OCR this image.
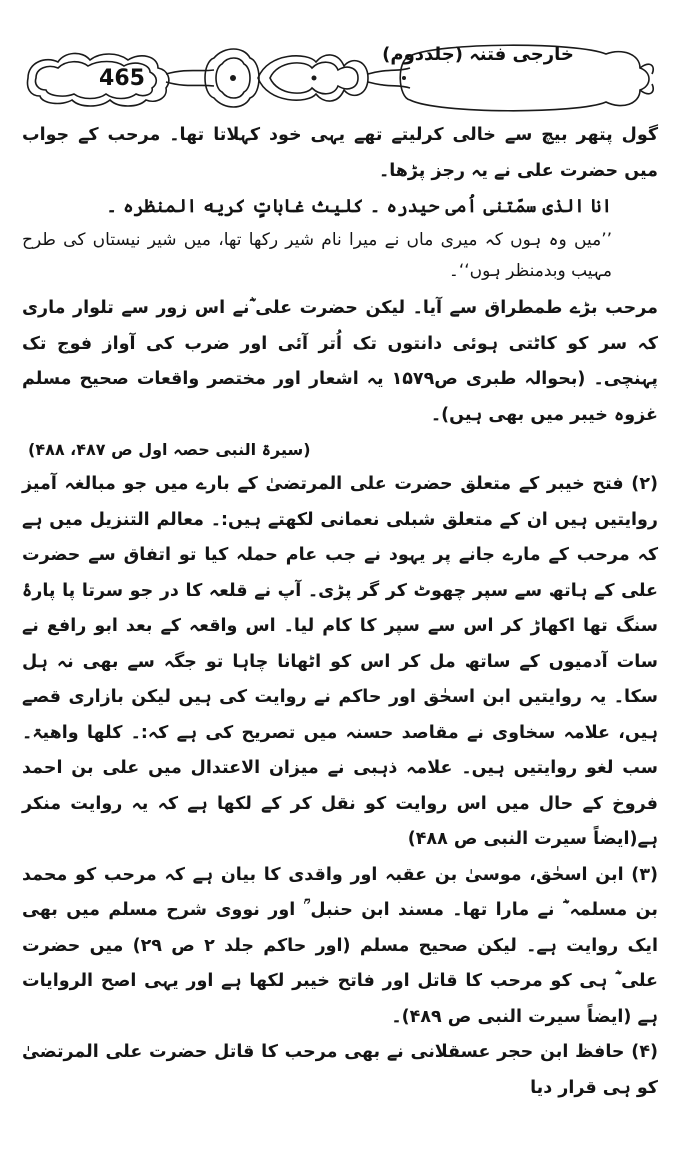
465
خارجی فتنہ (جلددوم)

گول پتھر بیچ سے خالی کرلیتے تھے یہی خود کہلاتا تھا۔ مرحب کے جواب میں حضرت علی نے یہ رجز پڑھا۔

انا الذی سمّتنی اُمی حیدره ۔ کلیث غاباتٍ کریه المنظره ۔

’’میں وہ ہوں کہ میری ماں نے میرا نام شیر رکھا تھا، میں شیر نیستاں کی طرح مہیب وبدمنظر ہوں‘‘۔

مرحب بڑے طمطراق سے آیا۔ لیکن حضرت علی ؓنے اس زور سے تلوار ماری کہ سر کو کاٹتی ہوئی دانتوں تک اُتر آئی اور ضرب کی آواز فوج تک پہنچی۔ (بحوالہ طبری ص۱۵۷۹ یہ اشعار اور مختصر واقعات صحیح مسلم غزوہ خیبر میں بھی ہیں)۔

(سیرۃ النبی حصہ اول ص ۴۸۷، ۴۸۸)

(۲) فتح خیبر کے متعلق حضرت علی المرتضیٰ کے بارے میں جو مبالغہ آمیز روایتیں ہیں ان کے متعلق شبلی نعمانی لکھتے ہیں:۔ معالم التنزیل میں ہے کہ مرحب کے مارے جانے پر یہود نے جب عام حملہ کیا تو اتفاق سے حضرت علی کے ہاتھ سے سپر چھوٹ کر گر پڑی۔ آپ نے قلعہ کا در جو سرتا پا پارۂ سنگ تھا اکھاڑ کر اس سے سپر کا کام لیا۔ اس واقعہ کے بعد ابو رافع نے سات آدمیوں کے ساتھ مل کر اس کو اٹھانا چاہا تو جگہ سے بھی نہ ہل سکا۔ یہ روایتیں ابن اسحٰق اور حاکم نے روایت کی ہیں لیکن بازاری قصے ہیں، علامہ سخاوی نے مقاصد حسنہ میں تصریح کی ہے کہ:۔ کلھا واھیۃ۔ سب لغو روایتیں ہیں۔ علامہ ذہبی نے میزان الاعتدال میں علی بن احمد فروخ کے حال میں اس روایت کو نقل کر کے لکھا ہے کہ یہ روایت منکر ہے(ایضاً سیرت النبی ص ۴۸۸)

(۳) ابن اسحٰق، موسیٰ بن عقبہ اور واقدی کا بیان ہے کہ مرحب کو محمد بن مسلمہ ؓ نے مارا تھا۔ مسند ابن حنبل ؒ اور نووی شرح مسلم میں بھی ایک روایت ہے۔ لیکن صحیح مسلم (اور حاکم جلد ۲ ص ۲۹) میں حضرت علی ؓ ہی کو مرحب کا قاتل اور فاتح خیبر لکھا ہے اور یہی اصح الروایات ہے (ایضاً سیرت النبی ص ۴۸۹)۔

(۴) حافظ ابن حجر عسقلانی نے بھی مرحب کا قاتل حضرت علی المرتضیٰ کو ہی قرار دیا
